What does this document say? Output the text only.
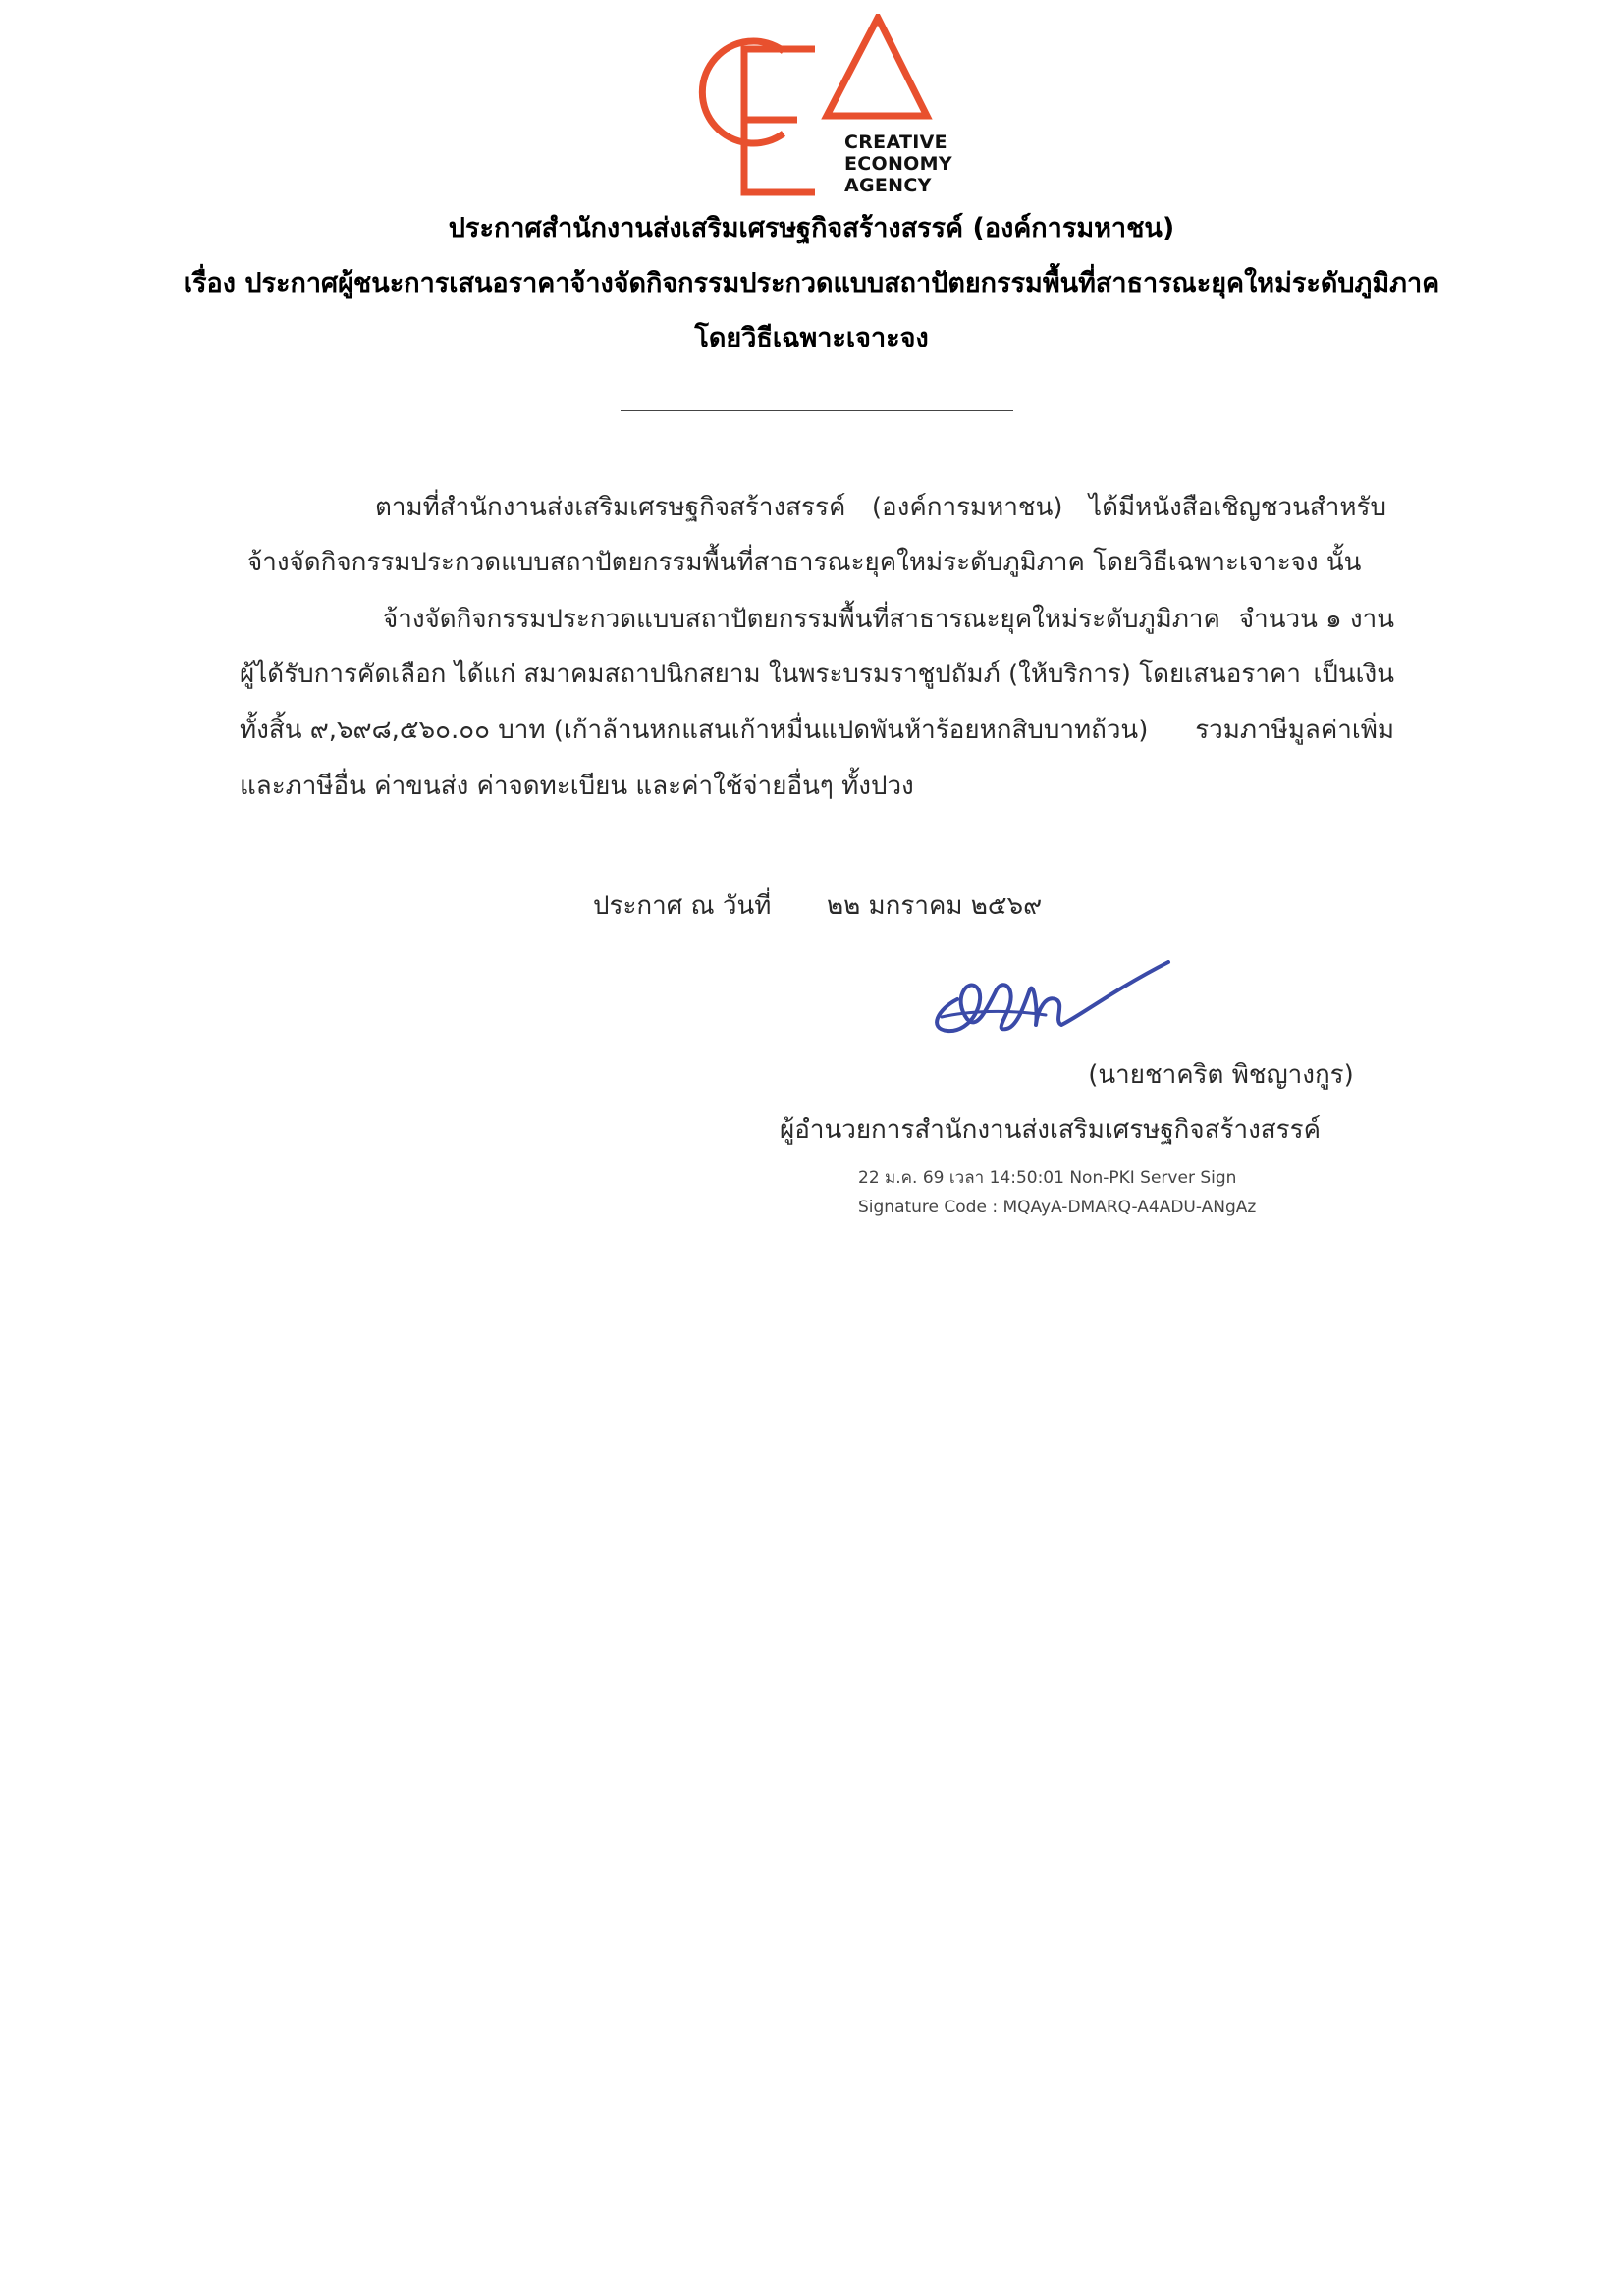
CREATIVE
ECONOMY
AGENCY
ประกาศสำนักงานส่งเสริมเศรษฐกิจสร้างสรรค์ (องค์การมหาชน)
เรื่อง ประกาศผู้ชนะการเสนอราคาจ้างจัดกิจกรรมประกวดแบบสถาปัตยกรรมพื้นที่สาธารณะยุคใหม่ระดับภูมิภาค
โดยวิธีเฉพาะเจาะจง
ตามที่สำนักงานส่งเสริมเศรษฐกิจสร้างสรรค์ (องค์การมหาชน) ได้มีหนังสือเชิญชวนสำหรับ
จ้างจัดกิจกรรมประกวดแบบสถาปัตยกรรมพื้นที่สาธารณะยุคใหม่ระดับภูมิภาค โดยวิธีเฉพาะเจาะจง นั้น
จ้างจัดกิจกรรมประกวดแบบสถาปัตยกรรมพื้นที่สาธารณะยุคใหม่ระดับภูมิภาค จำนวน ๑ งาน
ผู้ได้รับการคัดเลือก ได้แก่ สมาคมสถาปนิกสยาม ในพระบรมราชูปถัมภ์ (ให้บริการ) โดยเสนอราคา เป็นเงิน
ทั้งสิ้น ๙,๖๙๘,๕๖๐.๐๐ บาท (เก้าล้านหกแสนเก้าหมื่นแปดพันห้าร้อยหกสิบบาทถ้วน) รวมภาษีมูลค่าเพิ่ม
และภาษีอื่น ค่าขนส่ง ค่าจดทะเบียน และค่าใช้จ่ายอื่นๆ ทั้งปวง
ประกาศ ณ วันที่ ๒๒ มกราคม ๒๕๖๙
(นายชาคริต พิชญางกูร)
ผู้อำนวยการสำนักงานส่งเสริมเศรษฐกิจสร้างสรรค์
22 ม.ค. 69 เวลา 14:50:01 Non-PKI Server Sign
Signature Code : MQAyA-DMARQ-A4ADU-ANgAz
